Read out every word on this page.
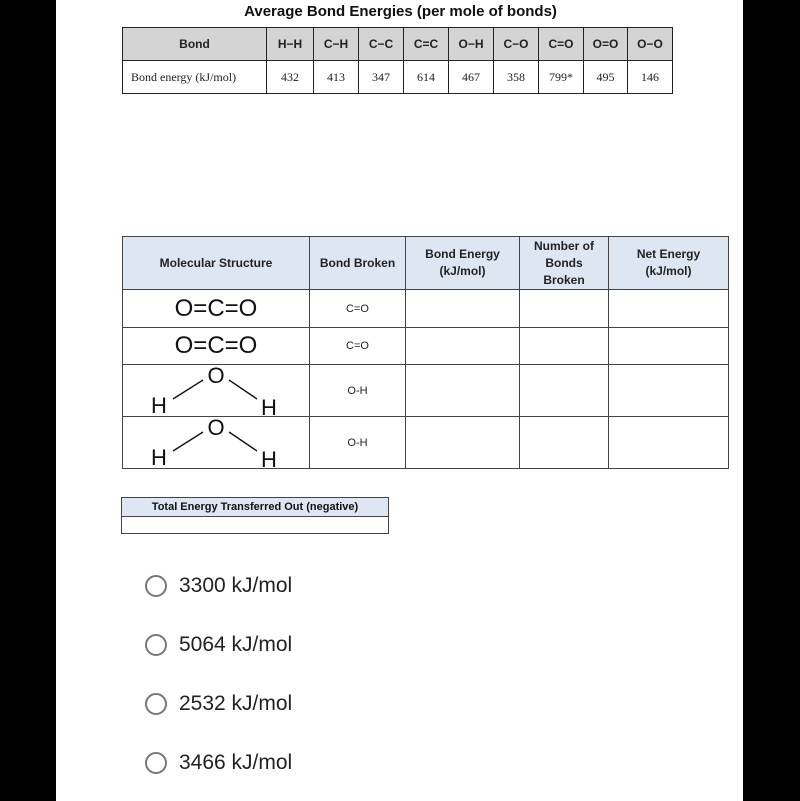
Average Bond Energies (per mole of bonds)
Bond	H−H	C−H	C−C	C=C	O−H	C−O	C=O	O=O	O−O
Bond energy (kJ/mol)	432	413	347	614	467	358	799*	495	146
Molecular Structure	Bond Broken	Bond Energy (kJ/mol)	Number of Bonds Broken	Net Energy (kJ/mol)
O=C=O	C=O			
O=C=O	C=O			

O
H H	O-H			

O
H H	O-H			
Total Energy Transferred Out (negative)
3300 kJ/mol
5064 kJ/mol
2532 kJ/mol
3466 kJ/mol
